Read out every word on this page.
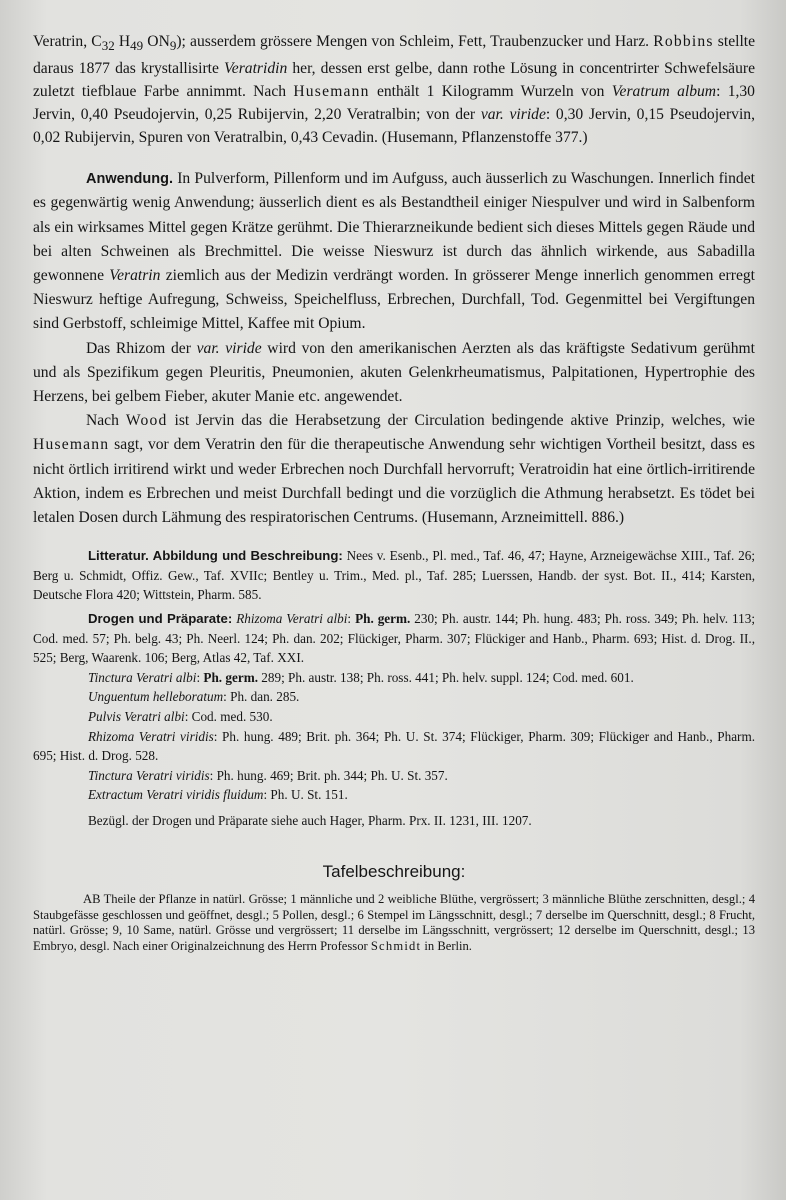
Veratrin, $C_{32}$ $H_{49}$ $ON_9$); ausserdem grössere Mengen von Schleim, Fett, Traubenzucker und Harz. Robbins stellte daraus 1877 das krystallisirte Veratridin her, dessen erst gelbe, dann rothe Lösung in concentrirter Schwefelsäure zuletzt tiefblaue Farbe annimmt. Nach Husemann enthält 1 Kilogramm Wurzeln von Veratrum album: 1,30 Jervin, 0,40 Pseudojervin, 0,25 Rubijervin, 2,20 Veratralbin; von der var. viride: 0,30 Jervin, 0,15 Pseudojervin, 0,02 Rubijervin, Spuren von Veratralbin, 0,43 Cevadin. (Husemann, Pflanzenstoffe 377.)

Anwendung. In Pulverform, Pillenform und im Aufguss, auch äusserlich zu Waschungen. Innerlich findet es gegenwärtig wenig Anwendung; äusserlich dient es als Bestandtheil einiger Niespulver und wird in Salbenform als ein wirksames Mittel gegen Krätze gerühmt. Die Thierarzneikunde bedient sich dieses Mittels gegen Räude und bei alten Schweinen als Brechmittel. Die weisse Nieswurz ist durch das ähnlich wirkende, aus Sabadilla gewonnene Veratrin ziemlich aus der Medizin verdrängt worden. In grösserer Menge innerlich genommen erregt Nieswurz heftige Aufregung, Schweiss, Speichelfluss, Erbrechen, Durchfall, Tod. Gegenmittel bei Vergiftungen sind Gerbstoff, schleimige Mittel, Kaffee mit Opium.

Das Rhizom der var. viride wird von den amerikanischen Aerzten als das kräftigste Sedativum gerühmt und als Spezifikum gegen Pleuritis, Pneumonien, akuten Gelenkrheumatismus, Palpitationen, Hypertrophie des Herzens, bei gelbem Fieber, akuter Manie etc. angewendet.

Nach Wood ist Jervin das die Herabsetzung der Circulation bedingende aktive Prinzip, welches, wie Husemann sagt, vor dem Veratrin den für die therapeutische Anwendung sehr wichtigen Vortheil besitzt, dass es nicht örtlich irritirend wirkt und weder Erbrechen noch Durchfall hervorruft; Veratroidin hat eine örtlich-irritirende Aktion, indem es Erbrechen und meist Durchfall bedingt und die vorzüglich die Athmung herabsetzt. Es tödet bei letalen Dosen durch Lähmung des respiratorischen Centrums. (Husemann, Arzneimittell. 886.)

Litteratur. Abbildung und Beschreibung: Nees v. Esenb., Pl. med., Taf. 46, 47; Hayne, Arzneigewächse XIII., Taf. 26; Berg u. Schmidt, Offiz. Gew., Taf. XVIIc; Bentley u. Trim., Med. pl., Taf. 285; Luerssen, Handb. der syst. Bot. II., 414; Karsten, Deutsche Flora 420; Wittstein, Pharm. 585.

Drogen und Präparate: Rhizoma Veratri albi: Ph. germ. 230; Ph. austr. 144; Ph. hung. 483; Ph. ross. 349; Ph. helv. 113; Cod. med. 57; Ph. belg. 43; Ph. Neerl. 124; Ph. dan. 202; Flückiger, Pharm. 307; Flückiger and Hanb., Pharm. 693; Hist. d. Drog. II., 525; Berg, Waarenk. 106; Berg, Atlas 42, Taf. XXI.

Tinctura Veratri albi: Ph. germ. 289; Ph. austr. 138; Ph. ross. 441; Ph. helv. suppl. 124; Cod. med. 601.

Unguentum helleboratum: Ph. dan. 285.

Pulvis Veratri albi: Cod. med. 530.

Rhizoma Veratri viridis: Ph. hung. 489; Brit. ph. 364; Ph. U. St. 374; Flückiger, Pharm. 309; Flückiger and Hanb., Pharm. 695; Hist. d. Drog. 528.

Tinctura Veratri viridis: Ph. hung. 469; Brit. ph. 344; Ph. U. St. 357.

Extractum Veratri viridis fluidum: Ph. U. St. 151.

Bezügl. der Drogen und Präparate siehe auch Hager, Pharm. Prx. II. 1231, III. 1207.

Tafelbeschreibung:

AB Theile der Pflanze in natürl. Grösse; 1 männliche und 2 weibliche Blüthe, vergrössert; 3 männliche Blüthe zerschnitten, desgl.; 4 Staubgefässe geschlossen und geöffnet, desgl.; 5 Pollen, desgl.; 6 Stempel im Längsschnitt, desgl.; 7 derselbe im Querschnitt, desgl.; 8 Frucht, natürl. Grösse; 9, 10 Same, natürl. Grösse und vergrössert; 11 derselbe im Längsschnitt, vergrössert; 12 derselbe im Querschnitt, desgl.; 13 Embryo, desgl. Nach einer Originalzeichnung des Herrn Professor Schmidt in Berlin.
